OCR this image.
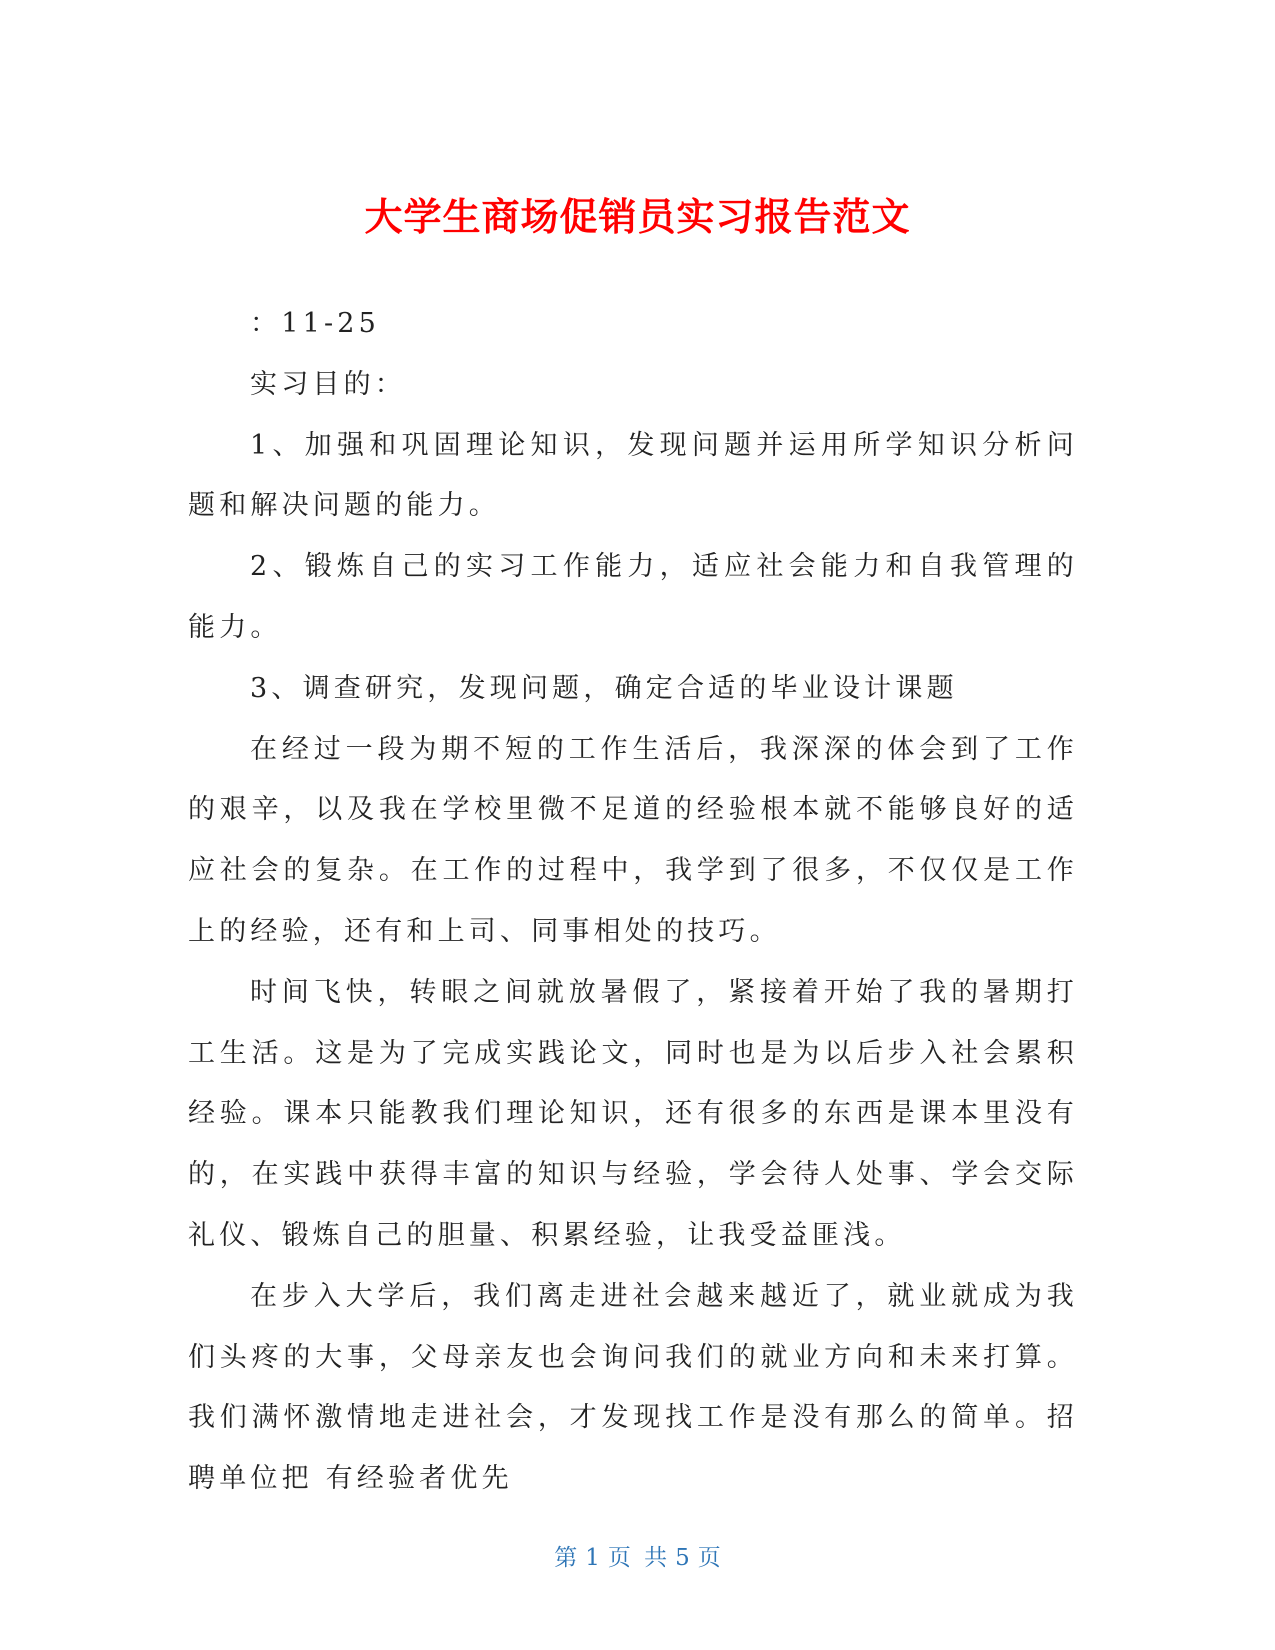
大学生商场促销员实习报告范文

：11-25

实习目的：

1、加强和巩固理论知识，发现问题并运用所学知识分析问题和解决问题的能力。

2、锻炼自己的实习工作能力，适应社会能力和自我管理的能力。

3、调查研究，发现问题，确定合适的毕业设计课题

在经过一段为期不短的工作生活后，我深深的体会到了工作的艰辛，以及我在学校里微不足道的经验根本就不能够良好的适应社会的复杂。在工作的过程中，我学到了很多，不仅仅是工作上的经验，还有和上司、同事相处的技巧。

时间飞快，转眼之间就放暑假了，紧接着开始了我的暑期打工生活。这是为了完成实践论文，同时也是为以后步入社会累积经验。课本只能教我们理论知识，还有很多的东西是课本里没有的，在实践中获得丰富的知识与经验，学会待人处事、学会交际礼仪、锻炼自己的胆量、积累经验，让我受益匪浅。

在步入大学后，我们离走进社会越来越近了，就业就成为我们头疼的大事，父母亲友也会询问我们的就业方向和未来打算。我们满怀激情地走进社会，才发现找工作是没有那么的简单。招聘单位把 有经验者优先

第 1 页 共 5 页
